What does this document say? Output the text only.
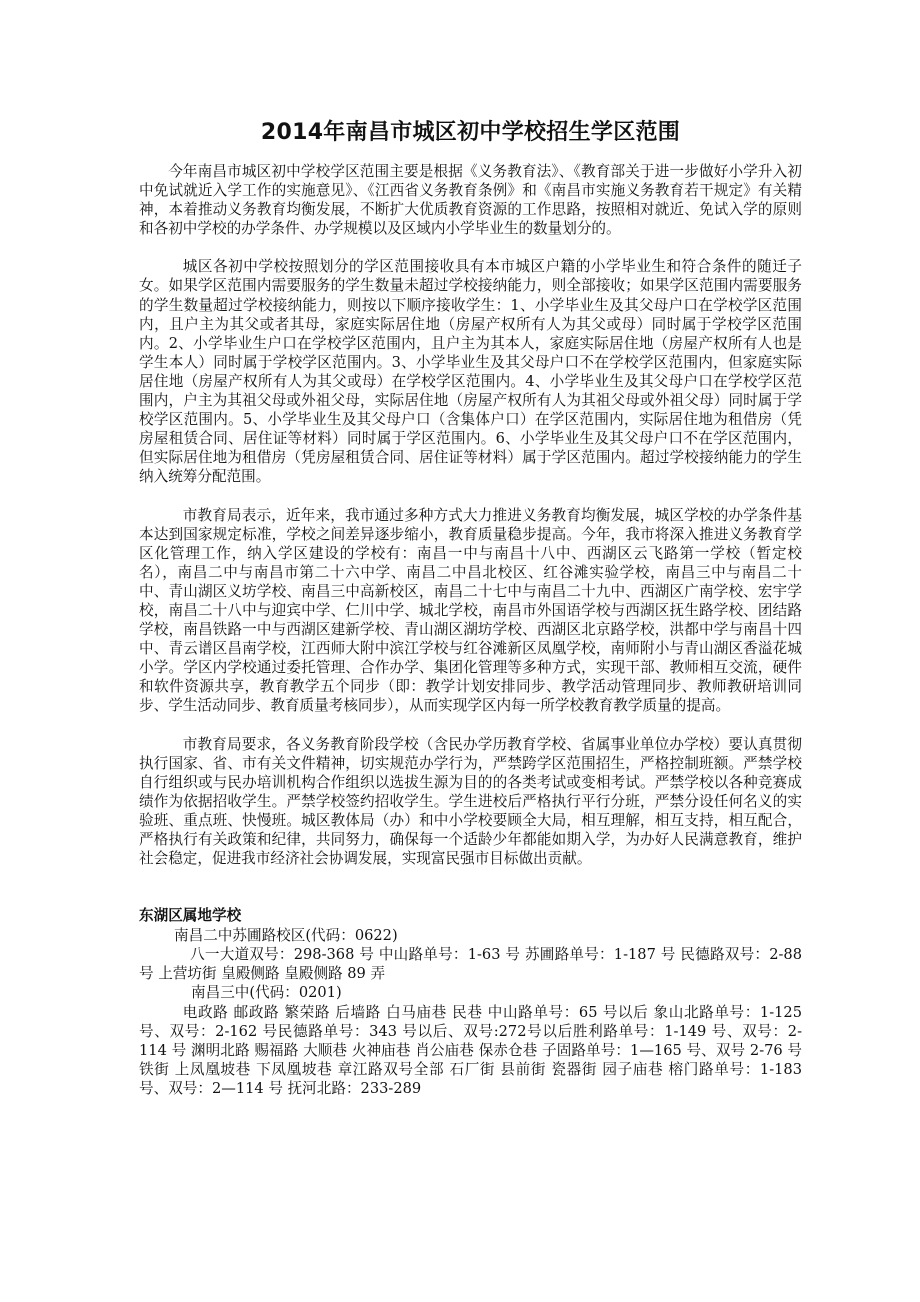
2014年南昌市城区初中学校招生学区范围

今年南昌市城区初中学校学区范围主要是根据《义务教育法》、《教育部关于进一步做好小学升入初中免试就近入学工作的实施意见》、《江西省义务教育条例》和《南昌市实施义务教育若干规定》有关精神，本着推动义务教育均衡发展，不断扩大优质教育资源的工作思路，按照相对就近、免试入学的原则和各初中学校的办学条件、办学规模以及区域内小学毕业生的数量划分的。

城区各初中学校按照划分的学区范围接收具有本市城区户籍的小学毕业生和符合条件的随迁子女。如果学区范围内需要服务的学生数量未超过学校接纳能力，则全部接收；如果学区范围内需要服务的学生数量超过学校接纳能力，则按以下顺序接收学生：1、小学毕业生及其父母户口在学校学区范围内，且户主为其父或者其母，家庭实际居住地（房屋产权所有人为其父或母）同时属于学校学区范围内。2、小学毕业生户口在学校学区范围内，且户主为其本人，家庭实际居住地（房屋产权所有人也是学生本人）同时属于学校学区范围内。3、小学毕业生及其父母户口不在学校学区范围内，但家庭实际居住地（房屋产权所有人为其父或母）在学校学区范围内。4、小学毕业生及其父母户口在学校学区范围内，户主为其祖父母或外祖父母，实际居住地（房屋产权所有人为其祖父母或外祖父母）同时属于学校学区范围内。5、小学毕业生及其父母户口（含集体户口）在学区范围内，实际居住地为租借房（凭房屋租赁合同、居住证等材料）同时属于学区范围内。6、小学毕业生及其父母户口不在学区范围内，但实际居住地为租借房（凭房屋租赁合同、居住证等材料）属于学区范围内。超过学校接纳能力的学生纳入统筹分配范围。

市教育局表示，近年来，我市通过多种方式大力推进义务教育均衡发展，城区学校的办学条件基本达到国家规定标准，学校之间差异逐步缩小，教育质量稳步提高。今年，我市将深入推进义务教育学区化管理工作，纳入学区建设的学校有：南昌一中与南昌十八中、西湖区云飞路第一学校（暂定校名），南昌二中与南昌市第二十六中学、南昌二中昌北校区、红谷滩实验学校，南昌三中与南昌二十中、青山湖区义坊学校、南昌三中高新校区，南昌二十七中与南昌二十九中、西湖区广南学校、宏宇学校，南昌二十八中与迎宾中学、仁川中学、城北学校，南昌市外国语学校与西湖区抚生路学校、团结路学校，南昌铁路一中与西湖区建新学校、青山湖区湖坊学校、西湖区北京路学校，洪都中学与南昌十四中、青云谱区昌南学校，江西师大附中滨江学校与红谷滩新区凤凰学校，南师附小与青山湖区香溢花城小学。学区内学校通过委托管理、合作办学、集团化管理等多种方式，实现干部、教师相互交流，硬件和软件资源共享，教育教学五个同步（即：教学计划安排同步、教学活动管理同步、教师教研培训同步、学生活动同步、教育质量考核同步），从而实现学区内每一所学校教育教学质量的提高。

市教育局要求，各义务教育阶段学校（含民办学历教育学校、省属事业单位办学校）要认真贯彻执行国家、省、市有关文件精神，切实规范办学行为，严禁跨学区范围招生，严格控制班额。严禁学校自行组织或与民办培训机构合作组织以选拔生源为目的的各类考试或变相考试。严禁学校以各种竞赛成绩作为依据招收学生。严禁学校签约招收学生。学生进校后严格执行平行分班，严禁分设任何名义的实验班、重点班、快慢班。城区教体局（办）和中小学校要顾全大局，相互理解，相互支持，相互配合，严格执行有关政策和纪律，共同努力，确保每一个适龄少年都能如期入学，为办好人民满意教育，维护社会稳定，促进我市经济社会协调发展，实现富民强市目标做出贡献。

东湖区属地学校

南昌二中苏圃路校区(代码：0622)

八一大道双号：298-368 号 中山路单号：1-63 号 苏圃路单号：1-187 号 民德路双号：2-88 号 上营坊街 皇殿侧路 皇殿侧路 89 弄

南昌三中(代码：0201)

电政路 邮政路 繁荣路 后墙路 白马庙巷 民巷 中山路单号：65 号以后 象山北路单号：1-125 号、双号：2-162 号民德路单号：343 号以后、双号:272号以后胜利路单号：1-149 号、双号：2-114 号 渊明北路 赐福路 大顺巷 火神庙巷 肖公庙巷 保赤仓巷 子固路单号：1—165 号、双号 2-76 号 铁街 上凤凰坡巷 下凤凰坡巷 章江路双号全部 石厂街 县前街 瓷器街 园子庙巷 榕门路单号：1-183 号、双号：2—114 号 抚河北路：233-289
